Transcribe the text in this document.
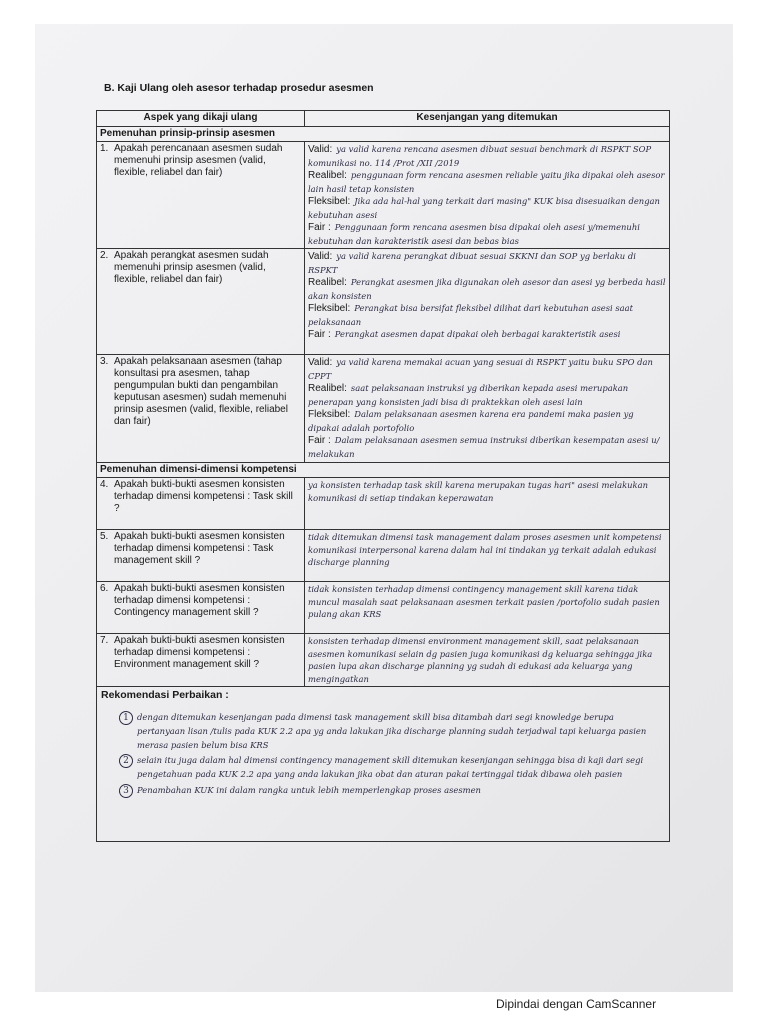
B. Kaji Ulang oleh asesor terhadap prosedur asesmen
Aspek yang dikaji ulang	Kesenjangan yang ditemukan
Pemenuhan prinsip-prinsip asesmen	

1. Apakah perencanaan asesmen sudah memenuhi prinsip asesmen (valid, flexible, reliabel dan fair)	Valid: ya valid karena rencana asesmen dibuat sesuai benchmark di RSPKT SOP komunikasi no. 114 /Prot /XII /2019
Realibel: penggunaan form rencana asesmen reliable yaitu jika dipakai oleh asesor lain hasil tetap konsisten
Fleksibel: Jika ada hal-hal yang terkait dari masing" KUK bisa disesuaikan dengan kebutuhan asesi
Fair : Penggunaan form rencana asesmen bisa dipakai oleh asesi y/memenuhi kebutuhan dan karakteristik asesi dan bebas bias

2. Apakah perangkat asesmen sudah memenuhi prinsip asesmen (valid, flexible, reliabel dan fair)	Valid: ya valid karena perangkat dibuat sesuai SKKNI dan SOP yg berlaku di RSPKT
Realibel: Perangkat asesmen jika digunakan oleh asesor dan asesi yg berbeda hasil akan konsisten
Fleksibel: Perangkat bisa bersifat fleksibel dilihat dari kebutuhan asesi saat pelaksanaan
Fair : Perangkat asesmen dapat dipakai oleh berbagai karakteristik asesi

3. Apakah pelaksanaan asesmen (tahap konsultasi pra asesmen, tahap pengumpulan bukti dan pengambilan keputusan asesmen) sudah memenuhi prinsip asesmen (valid, flexible, reliabel dan fair)	Valid: ya valid karena memakai acuan yang sesuai di RSPKT yaitu buku SPO dan CPPT
Realibel: saat pelaksanaan instruksi yg diberikan kepada asesi merupakan penerapan yang konsisten jadi bisa di praktekkan oleh asesi lain
Fleksibel: Dalam pelaksanaan asesmen karena era pandemi maka pasien yg dipakai adalah portofolio
Fair : Dalam pelaksanaan asesmen semua instruksi diberikan kesempatan asesi u/ melakukan

Pemenuhan dimensi-dimensi kompetensi	

4. Apakah bukti-bukti asesmen konsisten terhadap dimensi kompetensi : Task skill ?	ya konsisten terhadap task skill karena merupakan tugas hari" asesi melakukan komunikasi di setiap tindakan keperawatan

5. Apakah bukti-bukti asesmen konsisten terhadap dimensi kompetensi : Task management skill ?	tidak ditemukan dimensi task management dalam proses asesmen unit kompetensi komunikasi interpersonal karena dalam hal ini tindakan yg terkait adalah edukasi discharge planning

6. Apakah bukti-bukti asesmen konsisten terhadap dimensi kompetensi : Contingency management skill ?	tidak konsisten terhadap dimensi contingency management skill karena tidak muncul masalah saat pelaksanaan asesmen terkait pasien /portofolio sudah pasien pulang akan KRS

7. Apakah bukti-bukti asesmen konsisten terhadap dimensi kompetensi : Environment management skill ?	konsisten terhadap dimensi environment management skill, saat pelaksanaan asesmen komunikasi selain dg pasien juga komunikasi dg keluarga sehingga jika pasien lupa akan discharge planning yg sudah di edukasi ada keluarga yang mengingatkan

Rekomendasi Perbaikan :
1 dengan ditemukan kesenjangan pada dimensi task management skill bisa ditambah dari segi knowledge berupa pertanyaan lisan /tulis pada KUK 2.2 apa yg anda lakukan jika discharge planning sudah terjadwal tapi keluarga pasien merasa pasien belum bisa KRS
2 selain itu juga dalam hal dimensi contingency management skill ditemukan kesenjangan sehingga bisa di kaji dari segi pengetahuan pada KUK 2.2 apa yang anda lakukan jika obat dan aturan pakai tertinggal tidak dibawa oleh pasien
3 Penambahan KUK ini dalam rangka untuk lebih memperlengkap proses asesmen	
Dipindai dengan CamScanner
